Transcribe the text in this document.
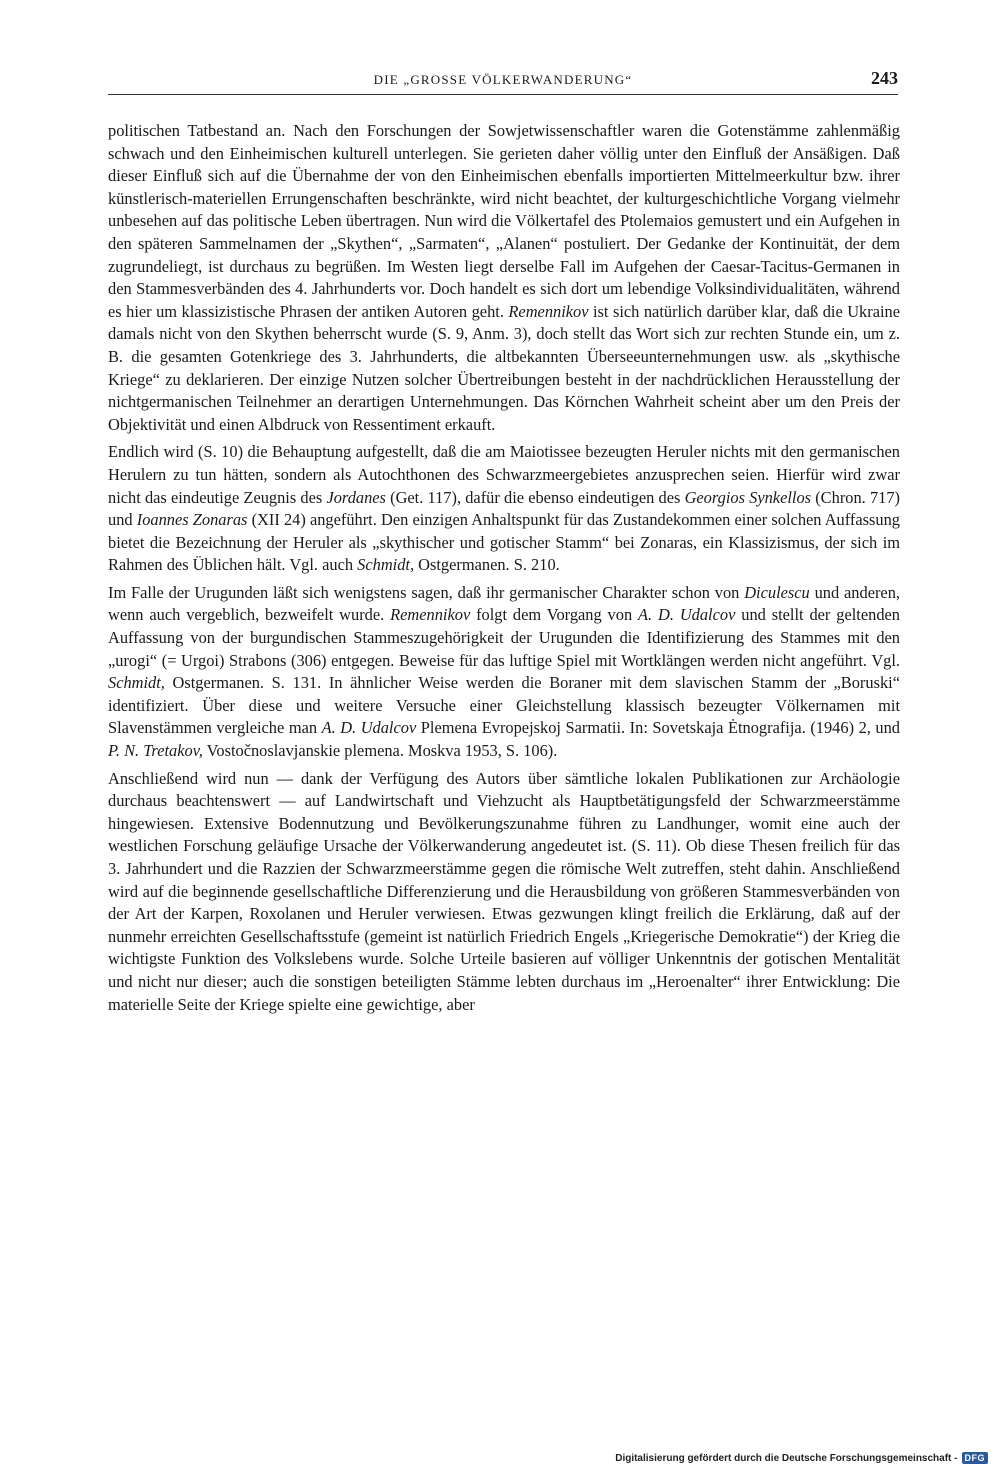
DIE „GROSSE VÖLKERWANDERUNG“	243

politischen Tatbestand an. Nach den Forschungen der Sowjetwissenschaftler waren die Gotenstämme zahlenmäßig schwach und den Einheimischen kulturell unterlegen. Sie gerieten daher völlig unter den Einfluß der Ansäßigen. Daß dieser Einfluß sich auf die Übernahme der von den Einheimischen ebenfalls importierten Mittelmeerkultur bzw. ihrer künstlerisch-materiellen Errungenschaften beschränkte, wird nicht beachtet, der kulturgeschichtliche Vorgang vielmehr unbesehen auf das politische Leben übertragen. Nun wird die Völkertafel des Ptolemaios gemustert und ein Aufgehen in den späteren Sammelnamen der „Skythen“, „Sarmaten“, „Alanen“ postuliert. Der Gedanke der Kontinuität, der dem zugrundeliegt, ist durchaus zu begrüßen. Im Westen liegt derselbe Fall im Aufgehen der Caesar-Tacitus-Germanen in den Stammesverbänden des 4. Jahrhunderts vor. Doch handelt es sich dort um lebendige Volksindividualitäten, während es hier um klassizistische Phrasen der antiken Autoren geht. Remennikov ist sich natürlich darüber klar, daß die Ukraine damals nicht von den Skythen beherrscht wurde (S. 9, Anm. 3), doch stellt das Wort sich zur rechten Stunde ein, um z. B. die gesamten Gotenkriege des 3. Jahrhunderts, die altbekannten Überseeunternehmungen usw. als „skythische Kriege“ zu deklarieren. Der einzige Nutzen solcher Übertreibungen besteht in der nachdrücklichen Herausstellung der nichtgermanischen Teilnehmer an derartigen Unternehmungen. Das Körnchen Wahrheit scheint aber um den Preis der Objektivität und einen Albdruck von Ressentiment erkauft.

Endlich wird (S. 10) die Behauptung aufgestellt, daß die am Maiotissee bezeugten Heruler nichts mit den germanischen Herulern zu tun hätten, sondern als Autochthonen des Schwarzmeergebietes anzusprechen seien. Hierfür wird zwar nicht das eindeutige Zeugnis des Jordanes (Get. 117), dafür die ebenso eindeutigen des Georgios Synkellos (Chron. 717) und Ioannes Zonaras (XII 24) angeführt. Den einzigen Anhaltspunkt für das Zustandekommen einer solchen Auffassung bietet die Bezeichnung der Heruler als „skythischer und gotischer Stamm“ bei Zonaras, ein Klassizismus, der sich im Rahmen des Üblichen hält. Vgl. auch Schmidt, Ostgermanen. S. 210.

Im Falle der Urugunden läßt sich wenigstens sagen, daß ihr germanischer Charakter schon von Diculescu und anderen, wenn auch vergeblich, bezweifelt wurde. Remennikov folgt dem Vorgang von A. D. Udalcov und stellt der geltenden Auffassung von der burgundischen Stammeszugehörigkeit der Urugunden die Identifizierung des Stammes mit den „urogi“ (= Urgoi) Strabons (306) entgegen. Beweise für das luftige Spiel mit Wortklängen werden nicht angeführt. Vgl. Schmidt, Ostgermanen. S. 131. In ähnlicher Weise werden die Boraner mit dem slavischen Stamm der „Boruski“ identifiziert. Über diese und weitere Versuche einer Gleichstellung klassisch bezeugter Völkernamen mit Slavenstämmen vergleiche man A. D. Udalcov Plemena Evropejskoj Sarmatii. In: Sovetskaja Ėtnografija. (1946) 2, und P. N. Tretakov, Vostočnoslavjanskie plemena. Moskva 1953, S. 106).

Anschließend wird nun — dank der Verfügung des Autors über sämtliche lokalen Publikationen zur Archäologie durchaus beachtenswert — auf Landwirtschaft und Viehzucht als Hauptbetätigungsfeld der Schwarzmeerstämme hingewiesen. Extensive Bodennutzung und Bevölkerungszunahme führen zu Landhunger, womit eine auch der westlichen Forschung geläufige Ursache der Völkerwanderung angedeutet ist. (S. 11). Ob diese Thesen freilich für das 3. Jahrhundert und die Razzien der Schwarzmeerstämme gegen die römische Welt zutreffen, steht dahin. Anschließend wird auf die beginnende gesellschaftliche Differenzierung und die Herausbildung von größeren Stammesverbänden von der Art der Karpen, Roxolanen und Heruler verwiesen. Etwas gezwungen klingt freilich die Erklärung, daß auf der nunmehr erreichten Gesellschaftsstufe (gemeint ist natürlich Friedrich Engels „Kriegerische Demokratie“) der Krieg die wichtigste Funktion des Volkslebens wurde. Solche Urteile basieren auf völliger Unkenntnis der gotischen Mentalität und nicht nur dieser; auch die sonstigen beteiligten Stämme lebten durchaus im „Heroenalter“ ihrer Entwicklung: Die materielle Seite der Kriege spielte eine gewichtige, aber

Digitalisierung gefördert durch die Deutsche Forschungsgemeinschaft - DFG
